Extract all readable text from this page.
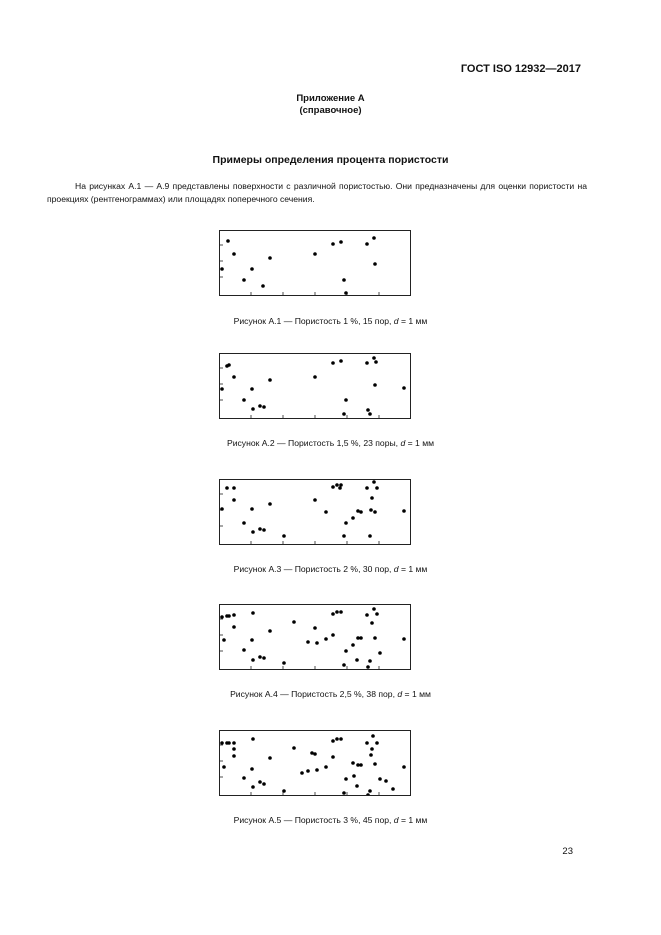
ГОСТ ISO 12932—2017
Приложение А
(справочное)
Примеры определения процента пористости
На рисунках А.1 — А.9 представлены поверхности с различной пористостью. Они предназначены для оценки пористости на проекциях (рентгенограммах) или площадях поперечного сечения.
Рисунок А.1 — Пористость 1 %, 15 пор, d = 1 мм
Рисунок А.2 — Пористость 1,5 %, 23 поры, d = 1 мм
Рисунок А.3 — Пористость 2 %, 30 пор, d = 1 мм
Рисунок А.4 — Пористость 2,5 %, 38 пор, d = 1 мм
Рисунок А.5 — Пористость 3 %, 45 пор, d = 1 мм
23
